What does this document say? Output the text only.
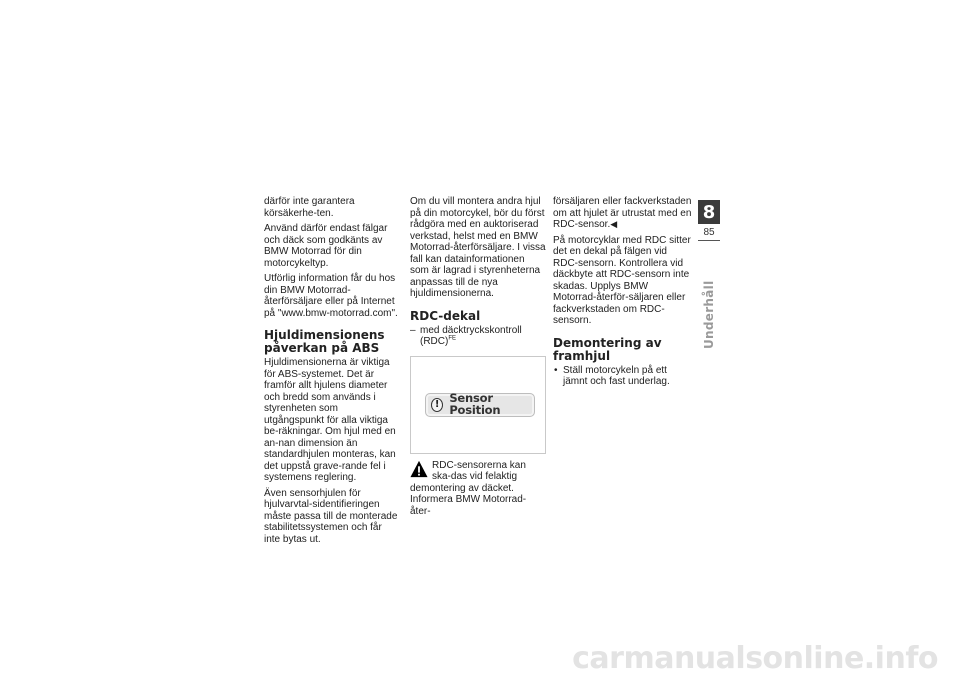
därför inte garantera körsäkerhe-ten.

Använd därför endast fälgar och däck som godkänts av BMW Motorrad för din motorcykeltyp.

Utförlig information får du hos din BMW Motorrad-återförsäljare eller på Internet på "www.bmw-motorrad.com".

Hjuldimensionens påverkan på ABS

Hjuldimensionerna är viktiga för ABS-systemet. Det är framför allt hjulens diameter och bredd som används i styrenheten som utgångspunkt för alla viktiga be-räkningar. Om hjul med en an-nan dimension än standardhjulen monteras, kan det uppstå grave-rande fel i systemens reglering.

Även sensorhjulen för hjulvarvtal-sidentifieringen måste passa till de monterade stabilitetssystemen och får inte bytas ut.

Om du vill montera andra hjul på din motorcykel, bör du först rådgöra med en auktoriserad verkstad, helst med en BMW Motorrad-återförsäljare. I vissa fall kan datainformationen som är lagrad i styrenheterna anpassas till de nya hjuldimensionerna.

RDC-dekal
– med däcktryckskontroll (RDC)$^{FE}$
! Sensor Position
RDC-sensorerna kan ska-das vid felaktig demontering av däcket.

Informera BMW Motorrad-åter-

försäljaren eller fackverkstaden om att hjulet är utrustat med en RDC-sensor.◀

På motorcyklar med RDC sitter det en dekal på fälgen vid RDC-sensorn. Kontrollera vid däckbyte att RDC-sensorn inte skadas. Upplys BMW Motorrad-återför-säljaren eller fackverkstaden om RDC-sensorn.

Demontering av framhjul
• Ställ motorcykeln på ett jämnt och fast underlag.
8
85
Underhåll
carmanualsonline.info
